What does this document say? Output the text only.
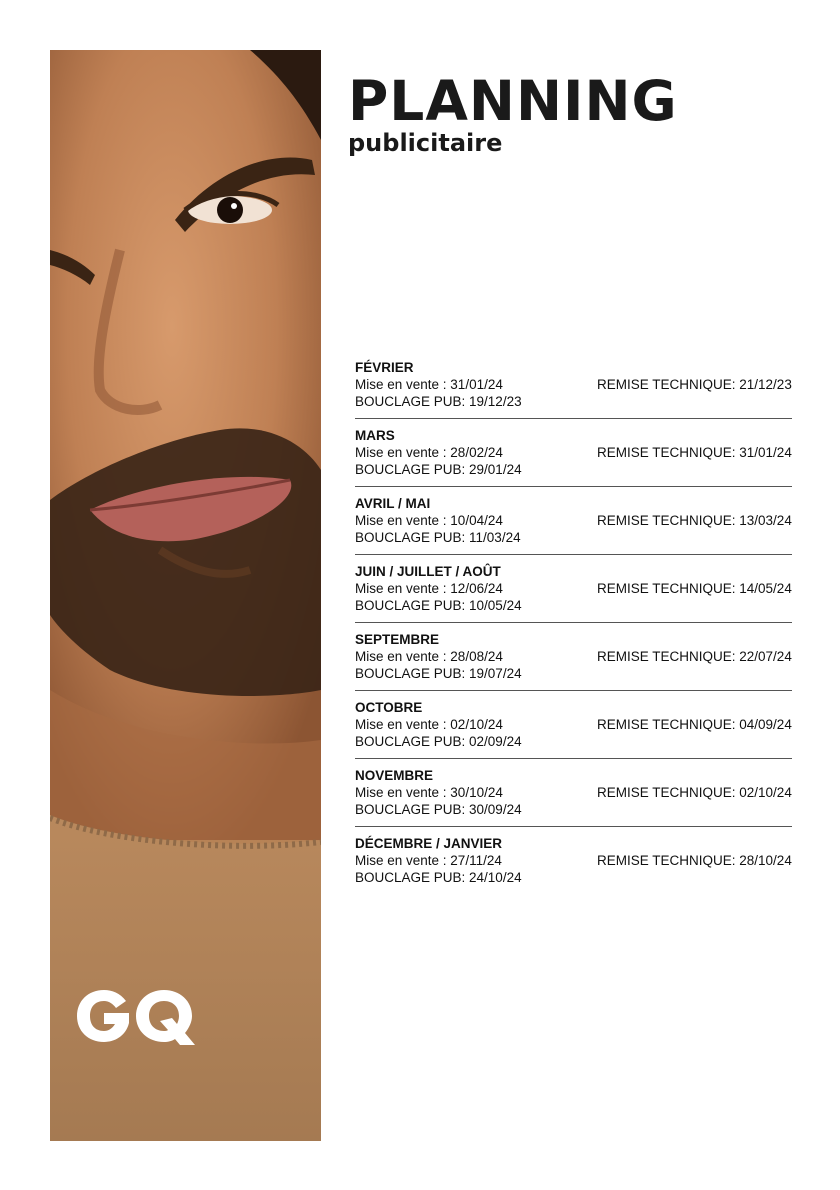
PLANNING
publicitaire
FÉVRIER
Mise en vente : 31/01/24
BOUCLAGE PUB: 19/12/23
REMISE TECHNIQUE: 21/12/23
MARS
Mise en vente : 28/02/24
BOUCLAGE PUB: 29/01/24
REMISE TECHNIQUE: 31/01/24
AVRIL / MAI
Mise en vente : 10/04/24
BOUCLAGE PUB: 11/03/24
REMISE TECHNIQUE: 13/03/24
JUIN / JUILLET / AOÛT
Mise en vente : 12/06/24
BOUCLAGE PUB: 10/05/24
REMISE TECHNIQUE: 14/05/24
SEPTEMBRE
Mise en vente : 28/08/24
BOUCLAGE PUB: 19/07/24
REMISE TECHNIQUE: 22/07/24
OCTOBRE
Mise en vente : 02/10/24
BOUCLAGE PUB: 02/09/24
REMISE TECHNIQUE: 04/09/24
NOVEMBRE
Mise en vente : 30/10/24
BOUCLAGE PUB: 30/09/24
REMISE TECHNIQUE: 02/10/24
DÉCEMBRE / JANVIER
Mise en vente : 27/11/24
BOUCLAGE PUB: 24/10/24
REMISE TECHNIQUE: 28/10/24
